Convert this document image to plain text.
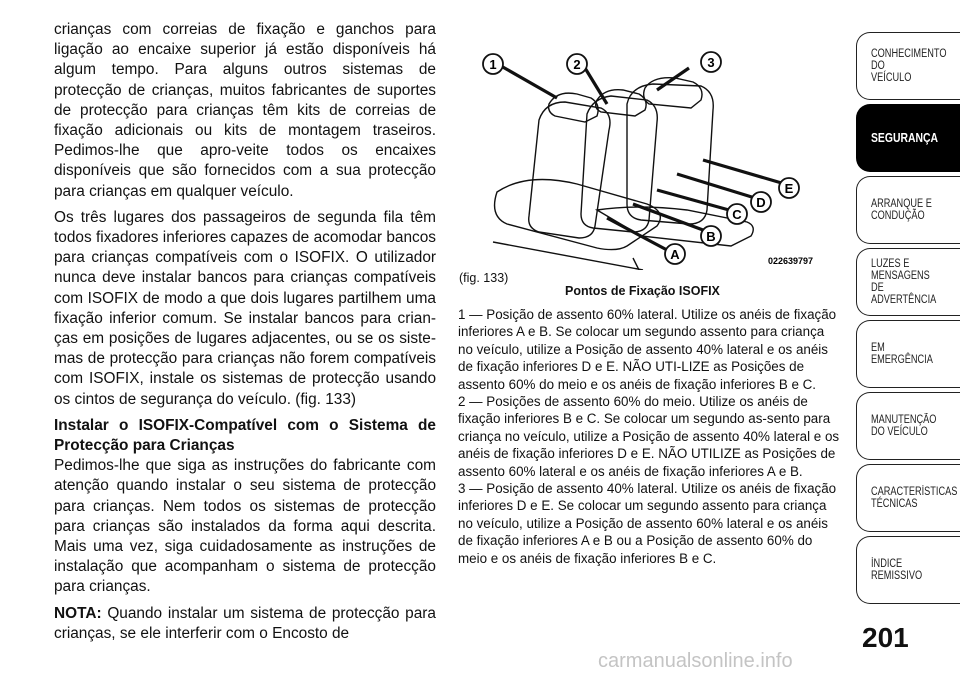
crianças com correias de fixação e ganchos para ligação ao encaixe superior já estão disponíveis há algum tempo. Para alguns outros sistemas de protecção de crianças, muitos fabricantes de suportes de protecção para crianças têm kits de correias de fixação adicionais ou kits de montagem traseiros. Pedimos-lhe que apro-veite todos os encaixes disponíveis que são fornecidos com a sua protecção para crianças em qualquer veículo.

Os três lugares dos passageiros de segunda fila têm todos fixadores inferiores capazes de acomodar bancos para crianças compatíveis com o ISOFIX. O utilizador nunca deve instalar bancos para crianças compatíveis com ISOFIX de modo a que dois lugares partilhem uma fixação inferior comum. Se instalar bancos para crian-ças em posições de lugares adjacentes, ou se os siste-mas de protecção para crianças não forem compatíveis com ISOFIX, instale os sistemas de protecção usando os cintos de segurança do veículo. (fig. 133)

Instalar o ISOFIX-Compatível com o Sistema de Protecção para Crianças

Pedimos-lhe que siga as instruções do fabricante com atenção quando instalar o seu sistema de protecção para crianças. Nem todos os sistemas de protecção para crianças são instalados da forma aqui descrita. Mais uma vez, siga cuidadosamente as instruções de instalação que acompanham o sistema de protecção para crianças.

NOTA: Quando instalar um sistema de protecção para crianças, se ele interferir com o Encosto de

1	2	3
A
B
C
D
E
022639797
(fig. 133)
Pontos de Fixação ISOFIX

1 — Posição de assento 60% lateral. Utilize os anéis de fixação inferiores A e B. Se colocar um segundo assento para criança no veículo, utilize a Posição de assento 40% lateral e os anéis de fixação inferiores D e E. NÃO UTI-LIZE as Posições de assento 60% do meio e os anéis de fixação inferiores B e C.

2 — Posições de assento 60% do meio. Utilize os anéis de fixação inferiores B e C. Se colocar um segundo as-sento para criança no veículo, utilize a Posição de assento 40% lateral e os anéis de fixação inferiores D e E. NÃO UTILIZE as Posições de assento 60% lateral e os anéis de fixação inferiores A e B.

3 — Posição de assento 40% lateral. Utilize os anéis de fixação inferiores D e E. Se colocar um segundo assento para criança no veículo, utilize a Posição de assento 60% lateral e os anéis de fixação inferiores A e B ou a Posição de assento 60% do meio e os anéis de fixação inferiores B e C.

CONHECIMENTO
DO
VEÍCULO
SEGURANÇA
ARRANQUE E
CONDUÇÃO
LUZES E
MENSAGENS
DE
ADVERTÊNCIA
EM
EMERGÊNCIA
MANUTENÇÃO
DO VEÍCULO
CARACTERÍSTICAS
TÉCNICAS
ÍNDICE
REMISSIVO
201
carmanualsonline.info
